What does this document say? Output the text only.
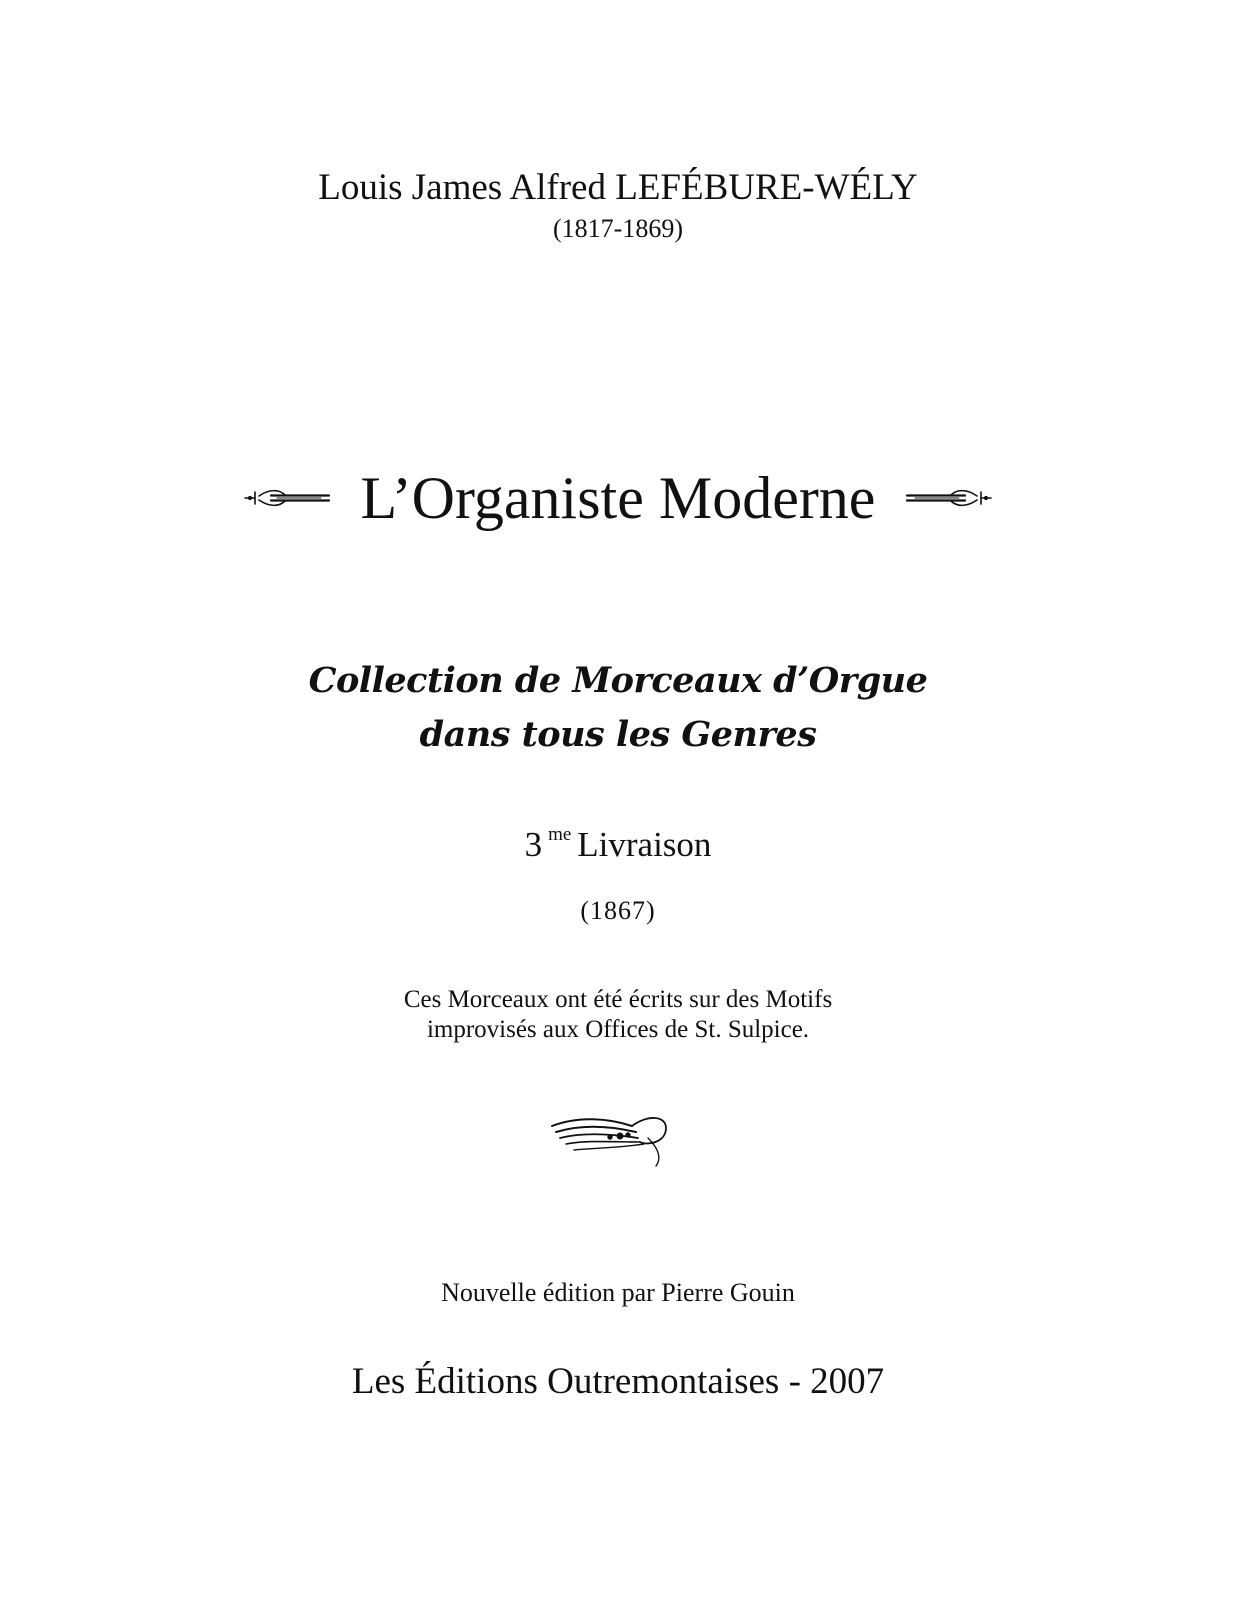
Louis James Alfred LEFÉBURE-WÉLY
(1817-1869)
L’Organiste Moderne
Collection de Morceaux d’Orgue
dans tous les Genres
3 $^{me}$ Livraison
(1867)
Ces Morceaux ont été écrits sur des Motifs
improvisés aux Offices de St. Sulpice.
Nouvelle édition par Pierre Gouin
Les Éditions Outremontaises - 2007
